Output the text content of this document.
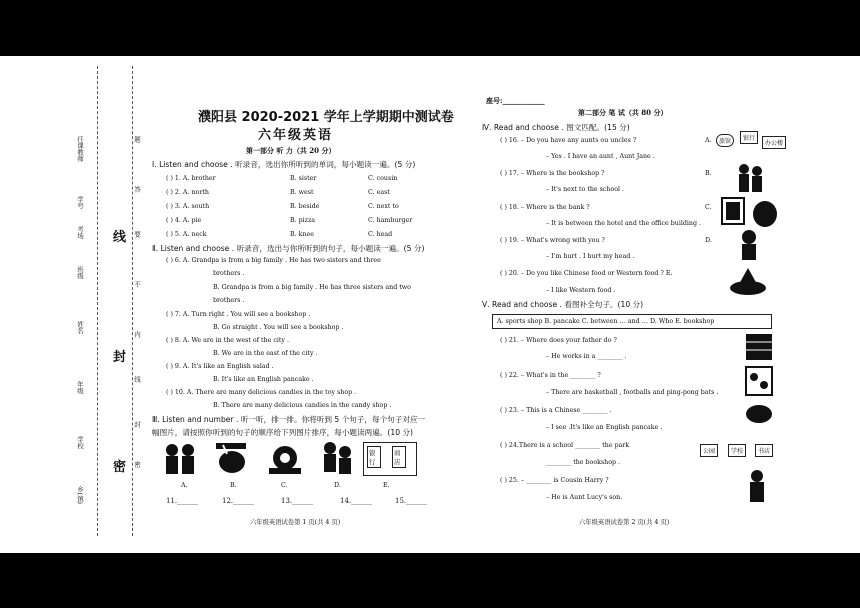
任课教师
学号
考场
班级
姓名
年级
学校
乡(镇)
线
封
密
题
答
要
不
内
线
封
密
濮阳县 2020-2021 学年上学期期中测试卷
六年级英语
第一部分 听 力（共 20 分）
Ⅰ. Listen and choose . 听录音，选出你所听到的单词，每小题读一遍。(5 分)
( ) 1. A. brother	B. sister	C. cousin
( ) 2. A. north	B. west	C. east
( ) 3. A. south	B. beside	C. next to
( ) 4. A. pie	B. pizza	C. hamburger
( ) 5. A. neck	B. knee	C. head
Ⅱ. Listen and choose . 听录音，选出与你所听到的句子，每小题读一遍。(5 分)
( ) 6. A. Grandpa is from a big family . He has two sisters and three
brothers .
B. Grandpa is from a big family . He has three sisters and two
brothers .
( ) 7. A. Turn right . You will see a bookshop .
B. Go straight . You will see a bookshop .
( ) 8. A. We are in the west of the city .
B. We are in the east of the city .
( ) 9. A. It's like an English salad .
B. It's like an English pancake .
( ) 10. A. There are many delicious candies in the toy shop .
B. There are many delicious candies in the candy shop .
Ⅲ. Listen and number . 听一听，排一排。你将听到 5 个句子，每个句子对应一
幅图片，请按照你听到的句子的顺序给下列图片排序，每小题读两遍。(10 分)
银行
商店
A.	B.	C.	D.	E.
11.______	12.______	13.______	14.______	15.______
六年级英语试卷第 1 页(共 4 页)
座号:____________
第二部分 笔 试（共 80 分）
Ⅳ. Read and choose . 图文匹配。(15 分)
( ) 16. – Do you have any aunts ou uncles ?
– Yes . I have an aunt , Aunt Jane .
( ) 17. – Where is the bookshop ?
– It's next to the school .
( ) 18. – Where is the bank ?
– It is between the hotel and the office building .
( ) 19. – What's wrong with you ?
– I'm hurt . I hurt my head .
( ) 20. – Do you like Chinese food or Western food ? E.
– I like Western food .
A.
B.
C.
D.
旅馆	银行
办公楼
Ⅴ. Read and choose . 看图补全句子。(10 分)
A. sports shop B. pancake C. between … and … D. Who E. bookshop
( ) 21. – Where does your father do ?
– He works in a ________ .
( ) 22. – What's in the ________ ?
– There are basketball , footballs and ping-pong bats .
( ) 23. – This is a Chinese ________ .
– I see .It's like an English pancake .
( ) 24.There is a school ________ the park
________ the bookshop .
( ) 25. – ________ is Cousin Harry ?
– He is Aunt Lucy's son.
公园	学校	书店
六年级英语试卷第 2 页(共 4 页)
